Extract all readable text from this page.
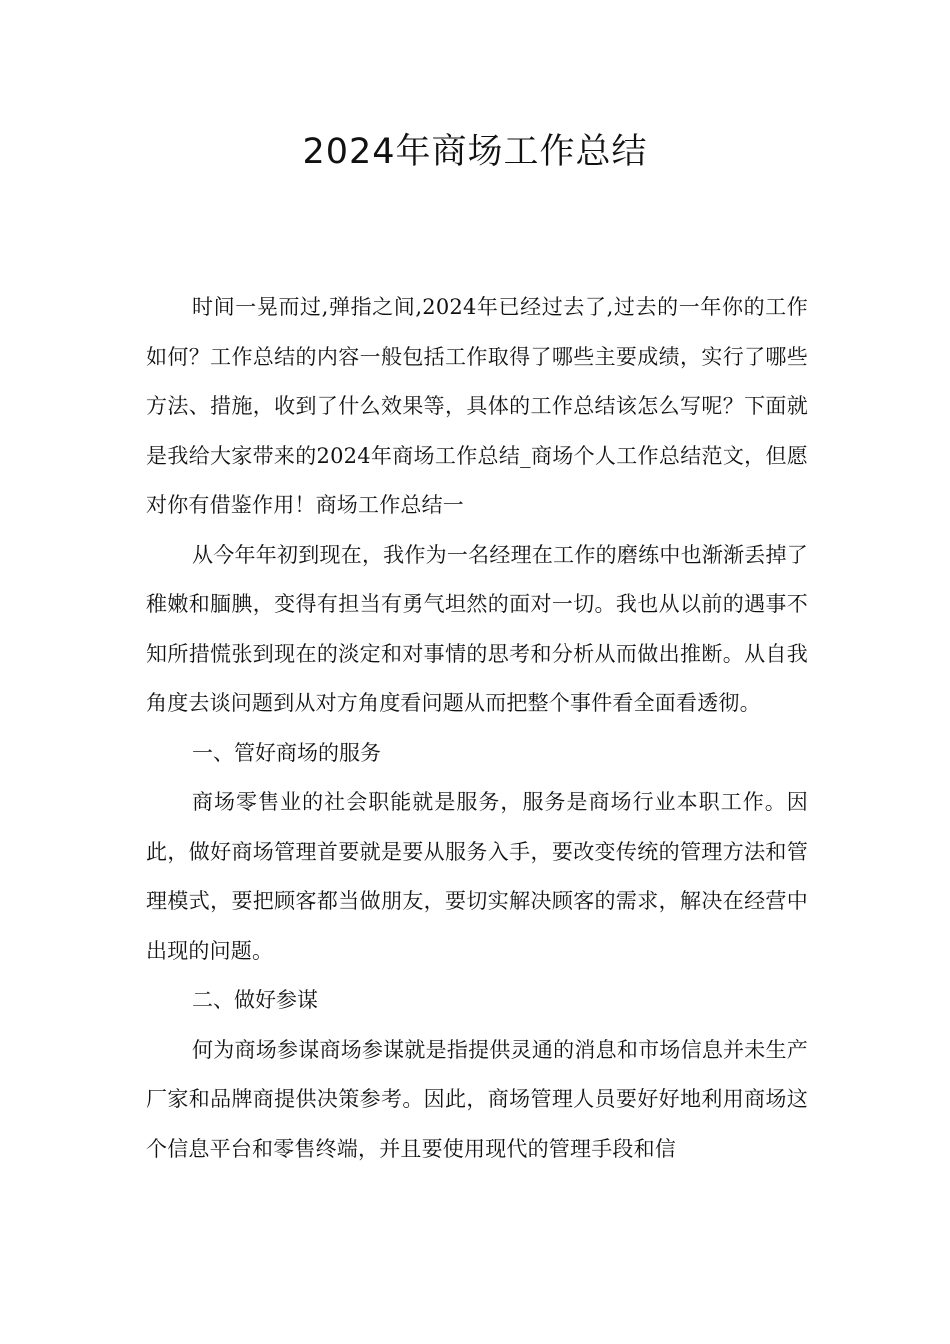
2024年商场工作总结

时间一晃而过,弹指之间,2024年已经过去了,过去的一年你的工作如何？工作总结的内容一般包括工作取得了哪些主要成绩，实行了哪些方法、措施，收到了什么效果等，具体的工作总结该怎么写呢？下面就是我给大家带来的2024年商场工作总结_商场个人工作总结范文，但愿对你有借鉴作用！商场工作总结一

从今年年初到现在，我作为一名经理在工作的磨练中也渐渐丢掉了稚嫩和腼腆，变得有担当有勇气坦然的面对一切。我也从以前的遇事不知所措慌张到现在的淡定和对事情的思考和分析从而做出推断。从自我角度去谈问题到从对方角度看问题从而把整个事件看全面看透彻。

一、管好商场的服务

商场零售业的社会职能就是服务，服务是商场行业本职工作。因此，做好商场管理首要就是要从服务入手，要改变传统的管理方法和管理模式，要把顾客都当做朋友，要切实解决顾客的需求，解决在经营中出现的问题。

二、做好参谋

何为商场参谋商场参谋就是指提供灵通的消息和市场信息并未生产厂家和品牌商提供决策参考。因此，商场管理人员要好好地利用商场这个信息平台和零售终端，并且要使用现代的管理手段和信
